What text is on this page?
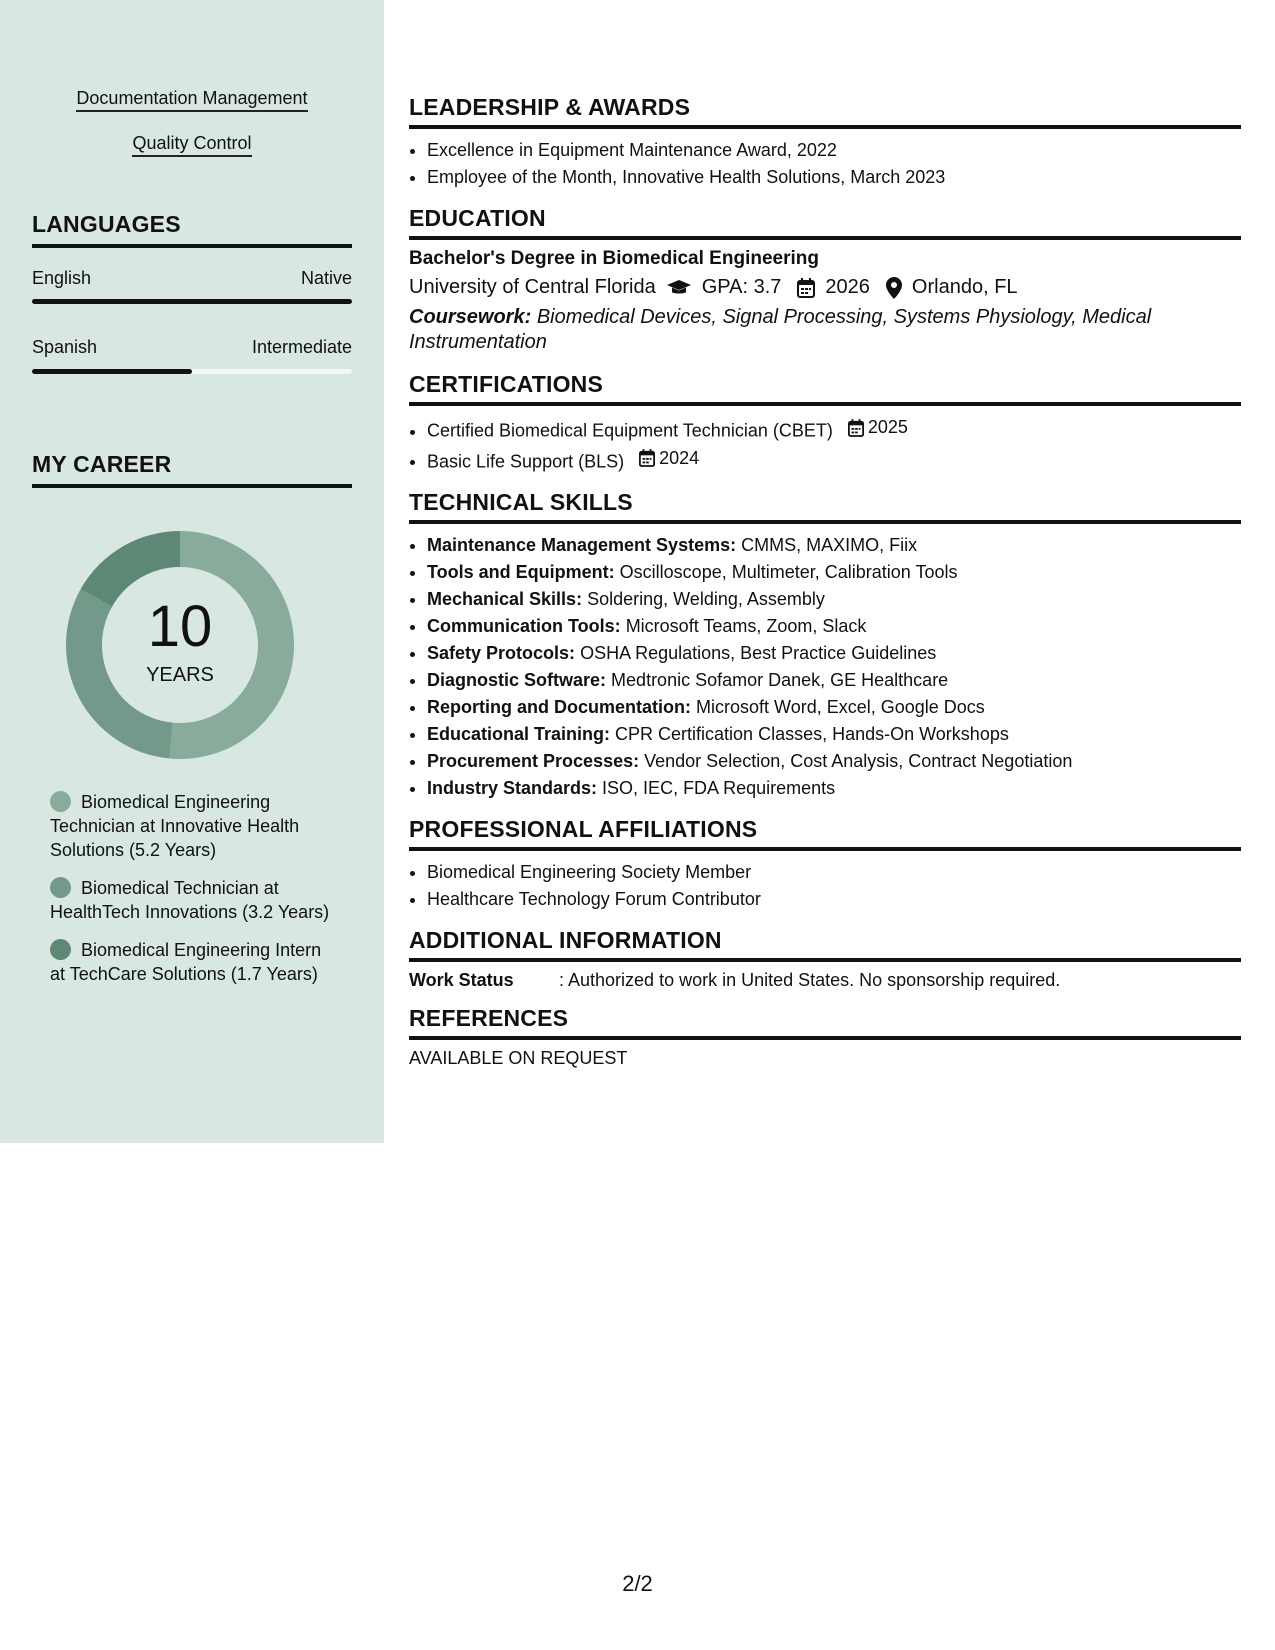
Documentation Management
Quality Control
LANGUAGES
English	Native
Spanish	Intermediate
MY CAREER
10
YEARS
Biomedical Engineering Technician at Innovative Health Solutions (5.2 Years)
Biomedical Technician at HealthTech Innovations (3.2 Years)
Biomedical Engineering Intern at TechCare Solutions (1.7 Years)
LEADERSHIP & AWARDS
• Excellence in Equipment Maintenance Award, 2022
• Employee of the Month, Innovative Health Solutions, March 2023
EDUCATION
Bachelor's Degree in Biomedical Engineering
University of Central Florida GPA: 3.7 2026 Orlando, FL
Coursework: Biomedical Devices, Signal Processing, Systems Physiology, Medical Instrumentation
CERTIFICATIONS
• Certified Biomedical Equipment Technician (CBET) 2025
• Basic Life Support (BLS) 2024
TECHNICAL SKILLS
• Maintenance Management Systems: CMMS, MAXIMO, Fiix
• Tools and Equipment: Oscilloscope, Multimeter, Calibration Tools
• Mechanical Skills: Soldering, Welding, Assembly
• Communication Tools: Microsoft Teams, Zoom, Slack
• Safety Protocols: OSHA Regulations, Best Practice Guidelines
• Diagnostic Software: Medtronic Sofamor Danek, GE Healthcare
• Reporting and Documentation: Microsoft Word, Excel, Google Docs
• Educational Training: CPR Certification Classes, Hands-On Workshops
• Procurement Processes: Vendor Selection, Cost Analysis, Contract Negotiation
• Industry Standards: ISO, IEC, FDA Requirements
PROFESSIONAL AFFILIATIONS
• Biomedical Engineering Society Member
• Healthcare Technology Forum Contributor
ADDITIONAL INFORMATION
Work Status	: Authorized to work in United States. No sponsorship required.
REFERENCES
AVAILABLE ON REQUEST
2/2
